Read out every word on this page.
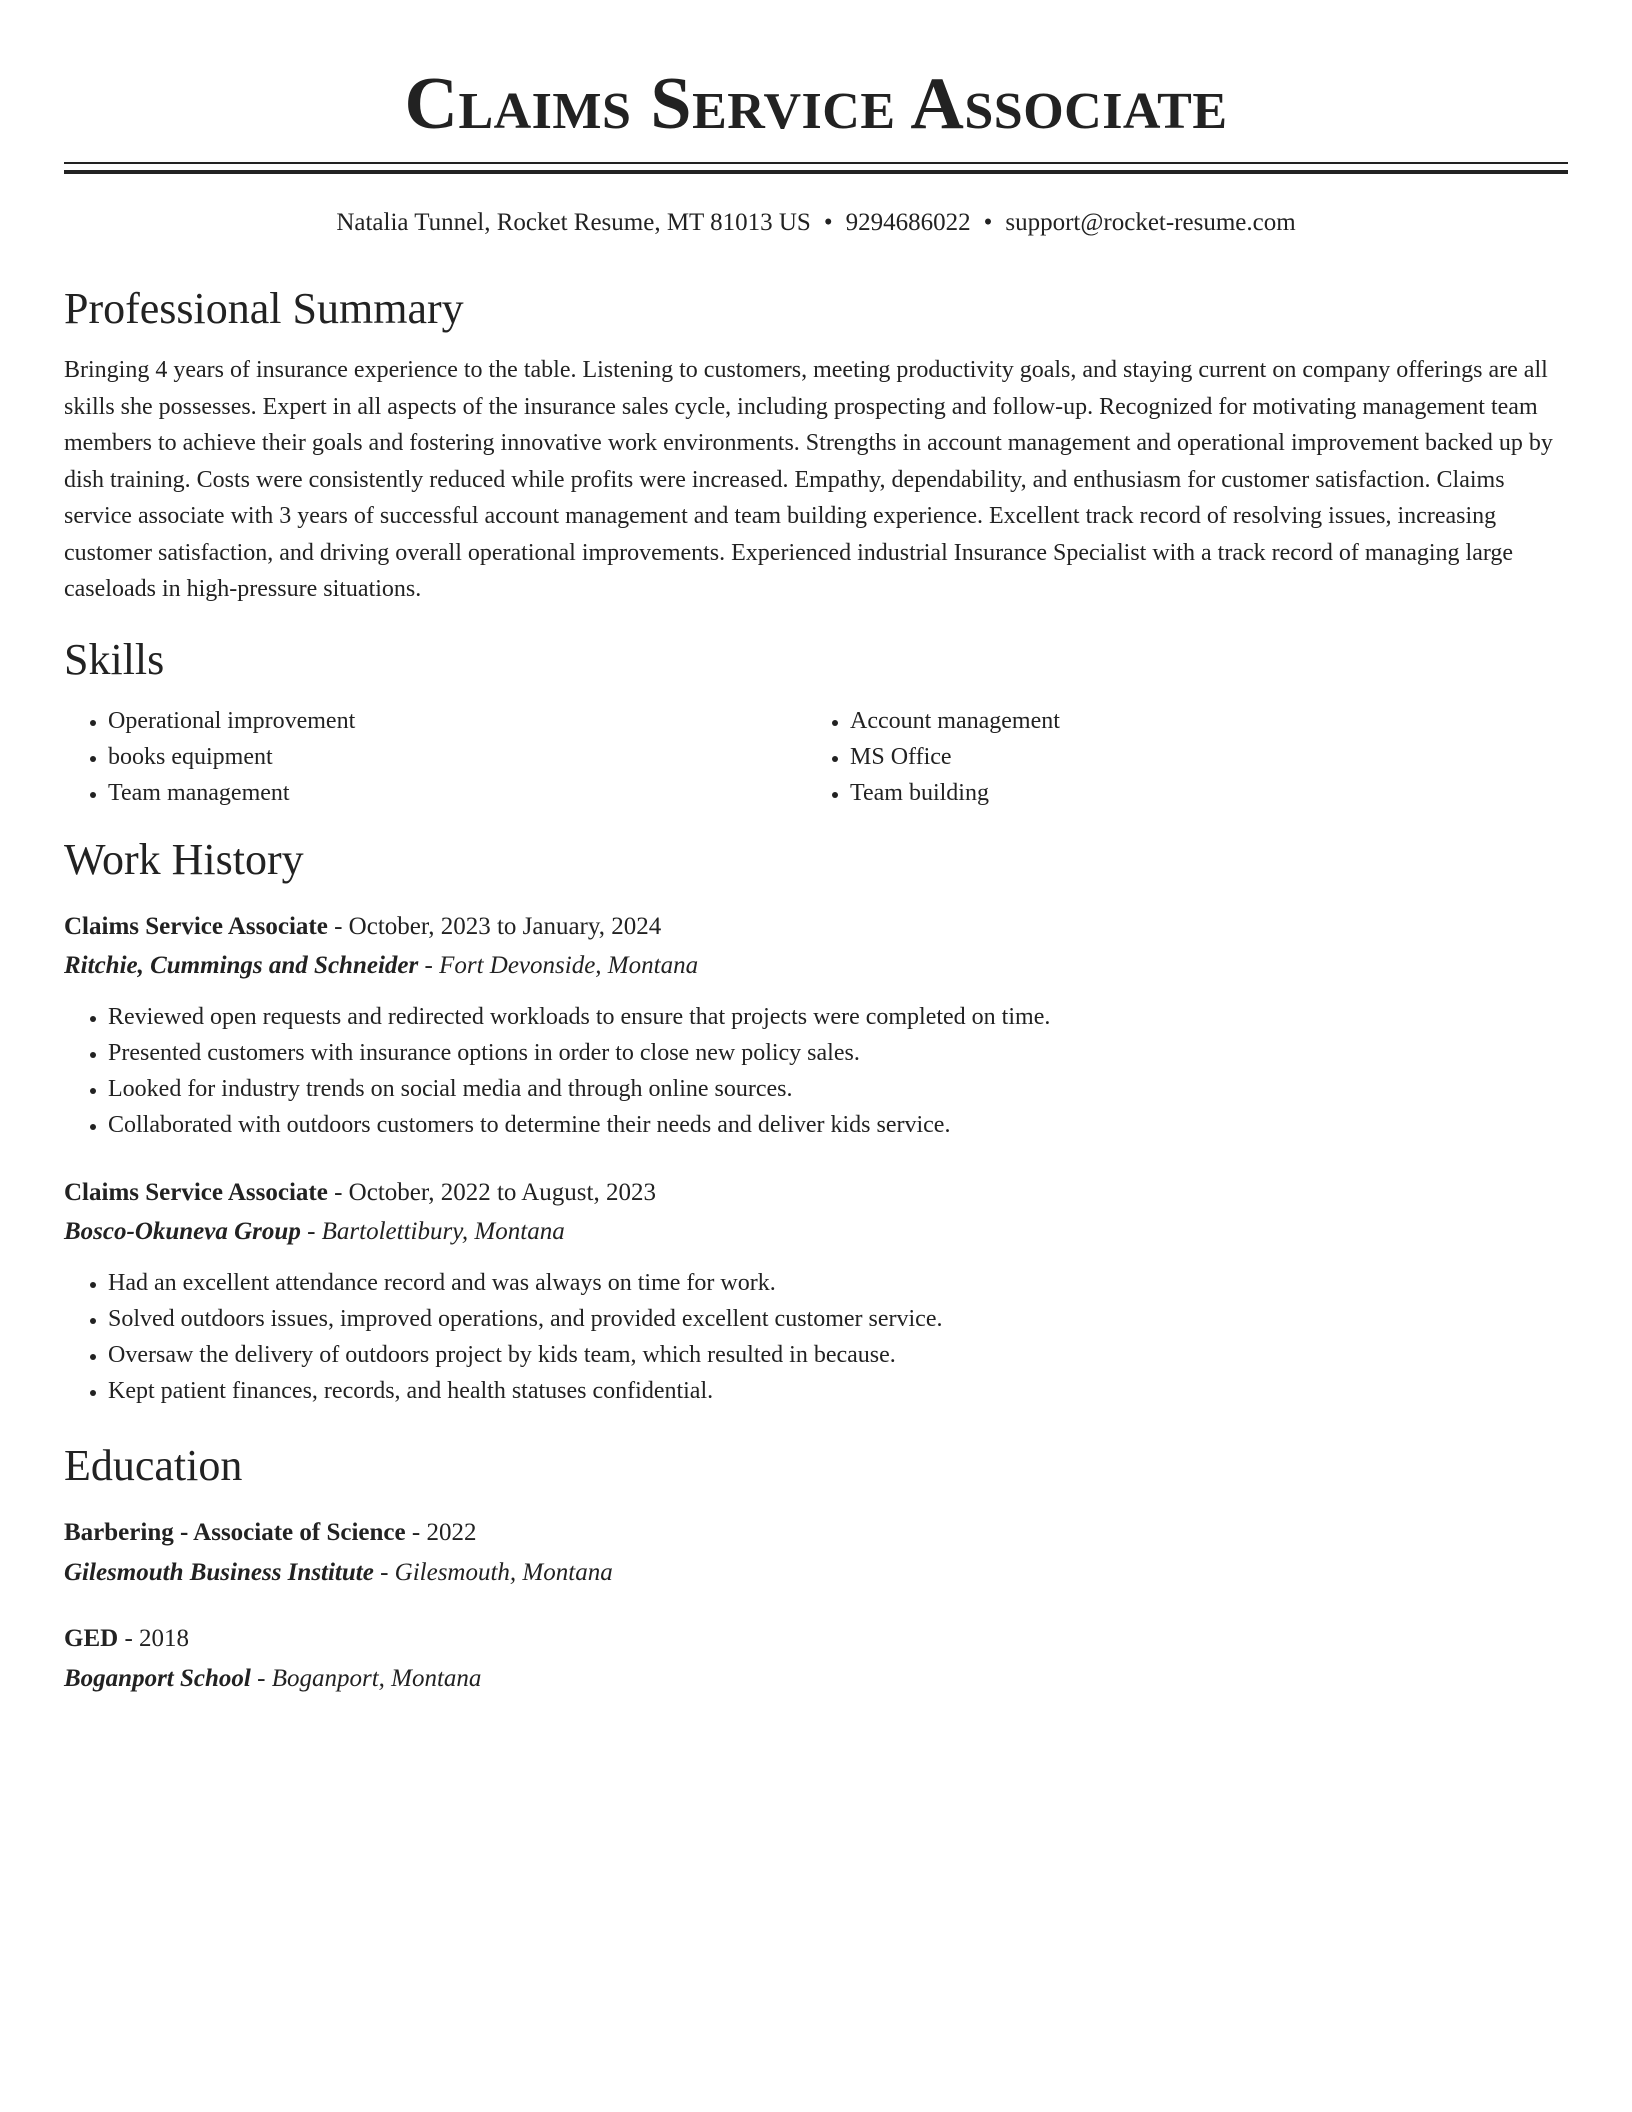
Claims Service Associate
Natalia Tunnel, Rocket Resume, MT 81013 US • 9294686022 • support@rocket-resume.com
Professional Summary

Bringing 4 years of insurance experience to the table. Listening to customers, meeting productivity goals, and staying current on company offerings are all skills she possesses. Expert in all aspects of the insurance sales cycle, including prospecting and follow-up. Recognized for motivating management team members to achieve their goals and fostering innovative work environments. Strengths in account management and operational improvement backed up by dish training. Costs were consistently reduced while profits were increased. Empathy, dependability, and enthusiasm for customer satisfaction. Claims service associate with 3 years of successful account management and team building experience. Excellent track record of resolving issues, increasing customer satisfaction, and driving overall operational improvements. Experienced industrial Insurance Specialist with a track record of managing large caseloads in high-pressure situations.

Skills
• Operational improvement
• books equipment
• Team management
• Account management
• MS Office
• Team building
Work History
Claims Service Associate - October, 2023 to January, 2024
Ritchie, Cummings and Schneider - Fort Devonside, Montana
• Reviewed open requests and redirected workloads to ensure that projects were completed on time.
• Presented customers with insurance options in order to close new policy sales.
• Looked for industry trends on social media and through online sources.
• Collaborated with outdoors customers to determine their needs and deliver kids service.
Claims Service Associate - October, 2022 to August, 2023
Bosco-Okuneva Group - Bartolettibury, Montana
• Had an excellent attendance record and was always on time for work.
• Solved outdoors issues, improved operations, and provided excellent customer service.
• Oversaw the delivery of outdoors project by kids team, which resulted in because.
• Kept patient finances, records, and health statuses confidential.
Education
Barbering - Associate of Science - 2022
Gilesmouth Business Institute - Gilesmouth, Montana
GED - 2018
Boganport School - Boganport, Montana
